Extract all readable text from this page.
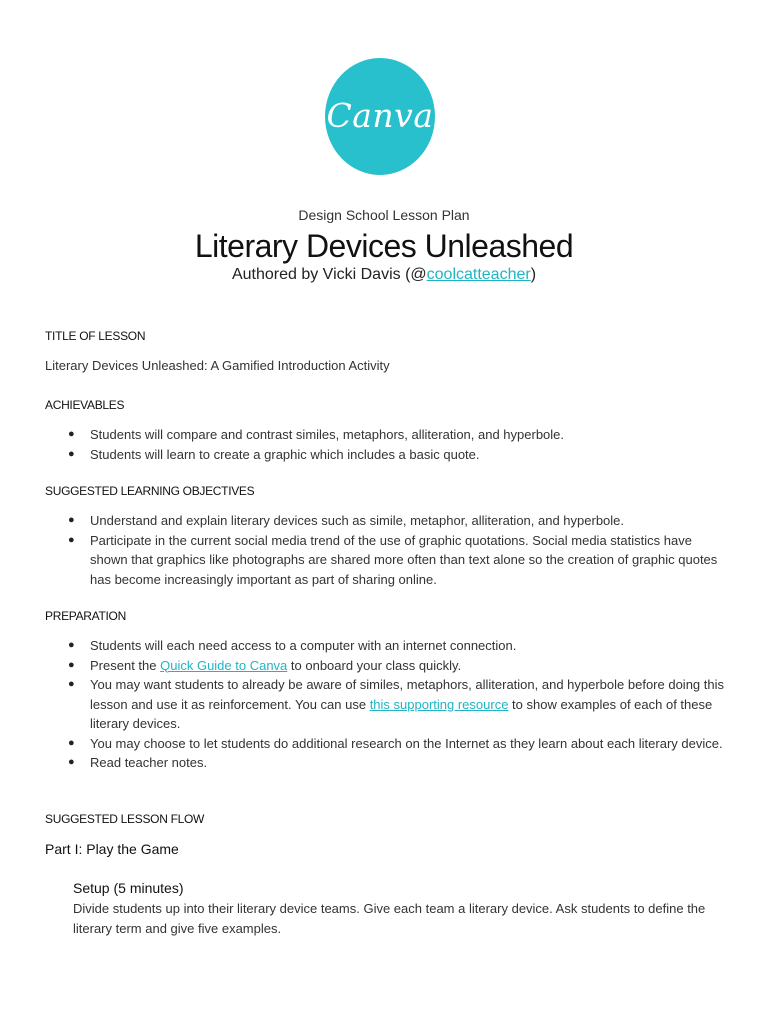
Canva
Design School Lesson Plan
Literary Devices Unleashed
Authored by Vicki Davis (@coolcatteacher)
TITLE OF LESSON
Literary Devices Unleashed: A Gamified Introduction Activity
ACHIEVABLES
● Students will compare and contrast similes, metaphors, alliteration, and hyperbole.
● Students will learn to create a graphic which includes a basic quote.
SUGGESTED LEARNING OBJECTIVES
● Understand and explain literary devices such as simile, metaphor, alliteration, and hyperbole.
● Participate in the current social media trend of the use of graphic quotations. Social media statistics have shown that graphics like photographs are shared more often than text alone so the creation of graphic quotes has become increasingly important as part of sharing online.
PREPARATION
● Students will each need access to a computer with an internet connection.
● Present the Quick Guide to Canva to onboard your class quickly.
● You may want students to already be aware of similes, metaphors, alliteration, and hyperbole before doing this lesson and use it as reinforcement. You can use this supporting resource to show examples of each of these literary devices.
● You may choose to let students do additional research on the Internet as they learn about each literary device.
● Read teacher notes.
SUGGESTED LESSON FLOW
Part I: Play the Game
Setup (5 minutes)
Divide students up into their literary device teams. Give each team a literary device. Ask students to define the literary term and give five examples.
